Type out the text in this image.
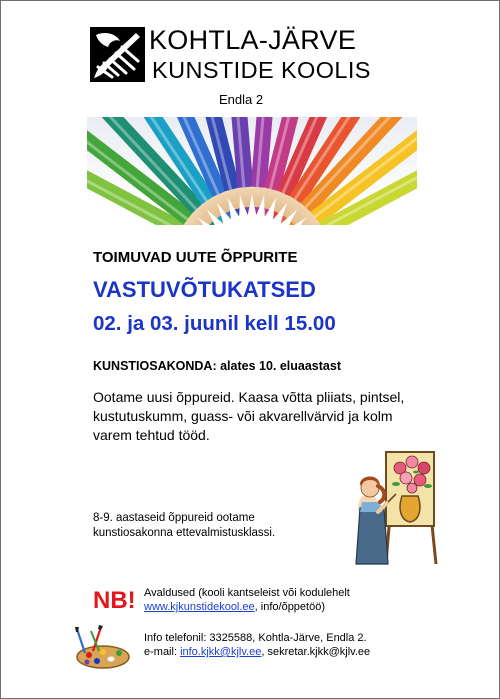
KOHTLA-JÄRVE
KUNSTIDE KOOLIS
Endla 2
TOIMUVAD UUTE ÕPPURITE
VASTUVÕTUKATSED
02. ja 03. juunil kell 15.00
KUNSTIOSAKONDA: alates 10. eluaastast
Ootame uusi õppureid. Kaasa võtta pliiats, pintsel, kustutuskumm, guass- või akvarellvärvid ja kolm varem tehtud tööd.
8-9. aastaseid õppureid ootame kunstiosakonna ettevalmistusklassi.
NB! Avaldused (kooli kantseleist või kodulehelt
www.kjkunstidekool.ee, info/õppetöö)
Info telefonil: 3325588, Kohtla-Järve, Endla 2.
e-mail: info.kjkk@kjlv.ee, sekretar.kjkk@kjlv.ee
